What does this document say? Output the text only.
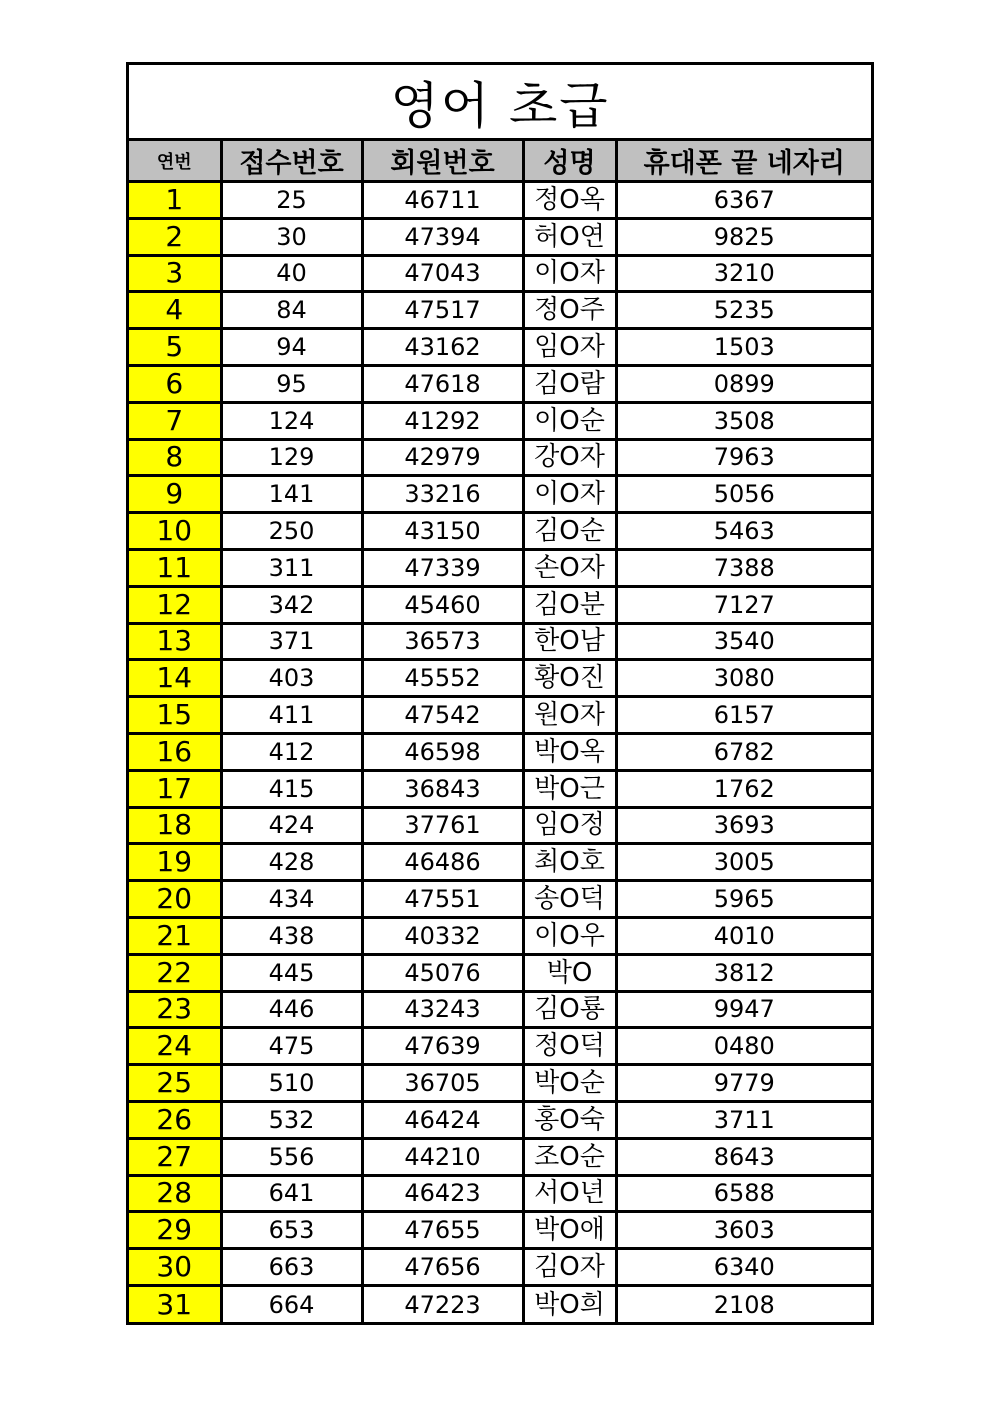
영어 초급
연번	접수번호	회원번호	성명	휴대폰 끝 네자리
1	25	46711	정O옥	6367
2	30	47394	허O연	9825
3	40	47043	이O자	3210
4	84	47517	정O주	5235
5	94	43162	임O자	1503
6	95	47618	김O람	0899
7	124	41292	이O순	3508
8	129	42979	강O자	7963
9	141	33216	이O자	5056
10	250	43150	김O순	5463
11	311	47339	손O자	7388
12	342	45460	김O분	7127
13	371	36573	한O남	3540
14	403	45552	황O진	3080
15	411	47542	원O자	6157
16	412	46598	박O옥	6782
17	415	36843	박O근	1762
18	424	37761	임O정	3693
19	428	46486	최O호	3005
20	434	47551	송O덕	5965
21	438	40332	이O우	4010
22	445	45076	박O	3812
23	446	43243	김O룡	9947
24	475	47639	정O덕	0480
25	510	36705	박O순	9779
26	532	46424	홍O숙	3711
27	556	44210	조O순	8643
28	641	46423	서O년	6588
29	653	47655	박O애	3603
30	663	47656	김O자	6340
31	664	47223	박O희	2108
